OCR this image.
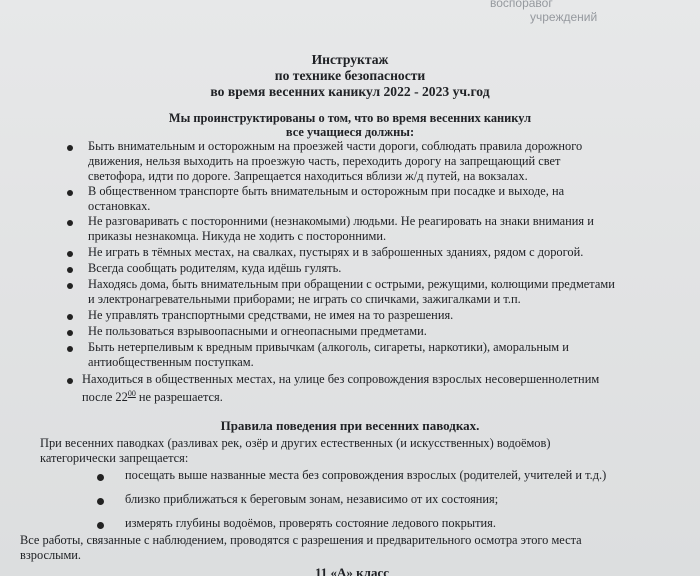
воспоравог
учреждений
Инструктаж
по технике безопасности
во время весенних каникул 2022 - 2023 уч.год
Мы проинструктированы о том, что во время весенних каникул
все учащиеся должны:
Быть внимательным и осторожным на проезжей части дороги, соблюдать правила дорожного
движения, нельзя выходить на проезжую часть, переходить дорогу на запрещающий свет
светофора, идти по дороге. Запрещается находиться вблизи ж/д путей, на вокзалах.
В общественном транспорте быть внимательным и осторожным при посадке и выходе, на
остановках.
Не разговаривать с посторонними (незнакомыми) людьми. Не реагировать на знаки внимания и
приказы незнакомца. Никуда не ходить с посторонними.
Не играть в тёмных местах, на свалках, пустырях и в заброшенных зданиях, рядом с дорогой.
Всегда сообщать родителям, куда идёшь гулять.
Находясь дома, быть внимательным при обращении с острыми, режущими, колющими предметами
и электронагревательными приборами; не играть со спичками, зажигалками и т.п.
Не управлять транспортными средствами, не имея на то разрешения.
Не пользоваться взрывоопасными и огнеопасными предметами.
Быть нетерпеливым к вредным привычкам (алкоголь, сигареты, наркотики), аморальным и
антиобщественным поступкам.
Находиться в общественных местах, на улице без сопровождения взрослых несовершеннолетним
после $22^{00}$ не разрешается.
Правила поведения при весенних паводках.
При весенних паводках (разливах рек, озёр и других естественных (и искусственных) водоёмов)
категорически запрещается:
посещать выше названные места без сопровождения взрослых (родителей, учителей и т.д.)
близко приближаться к береговым зонам, независимо от их состояния;
измерять глубины водоёмов, проверять состояние ледового покрытия.
Все работы, связанные с наблюдением, проводятся с разрешения и предварительного осмотра этого места
взрослыми.
11 «А» класс
